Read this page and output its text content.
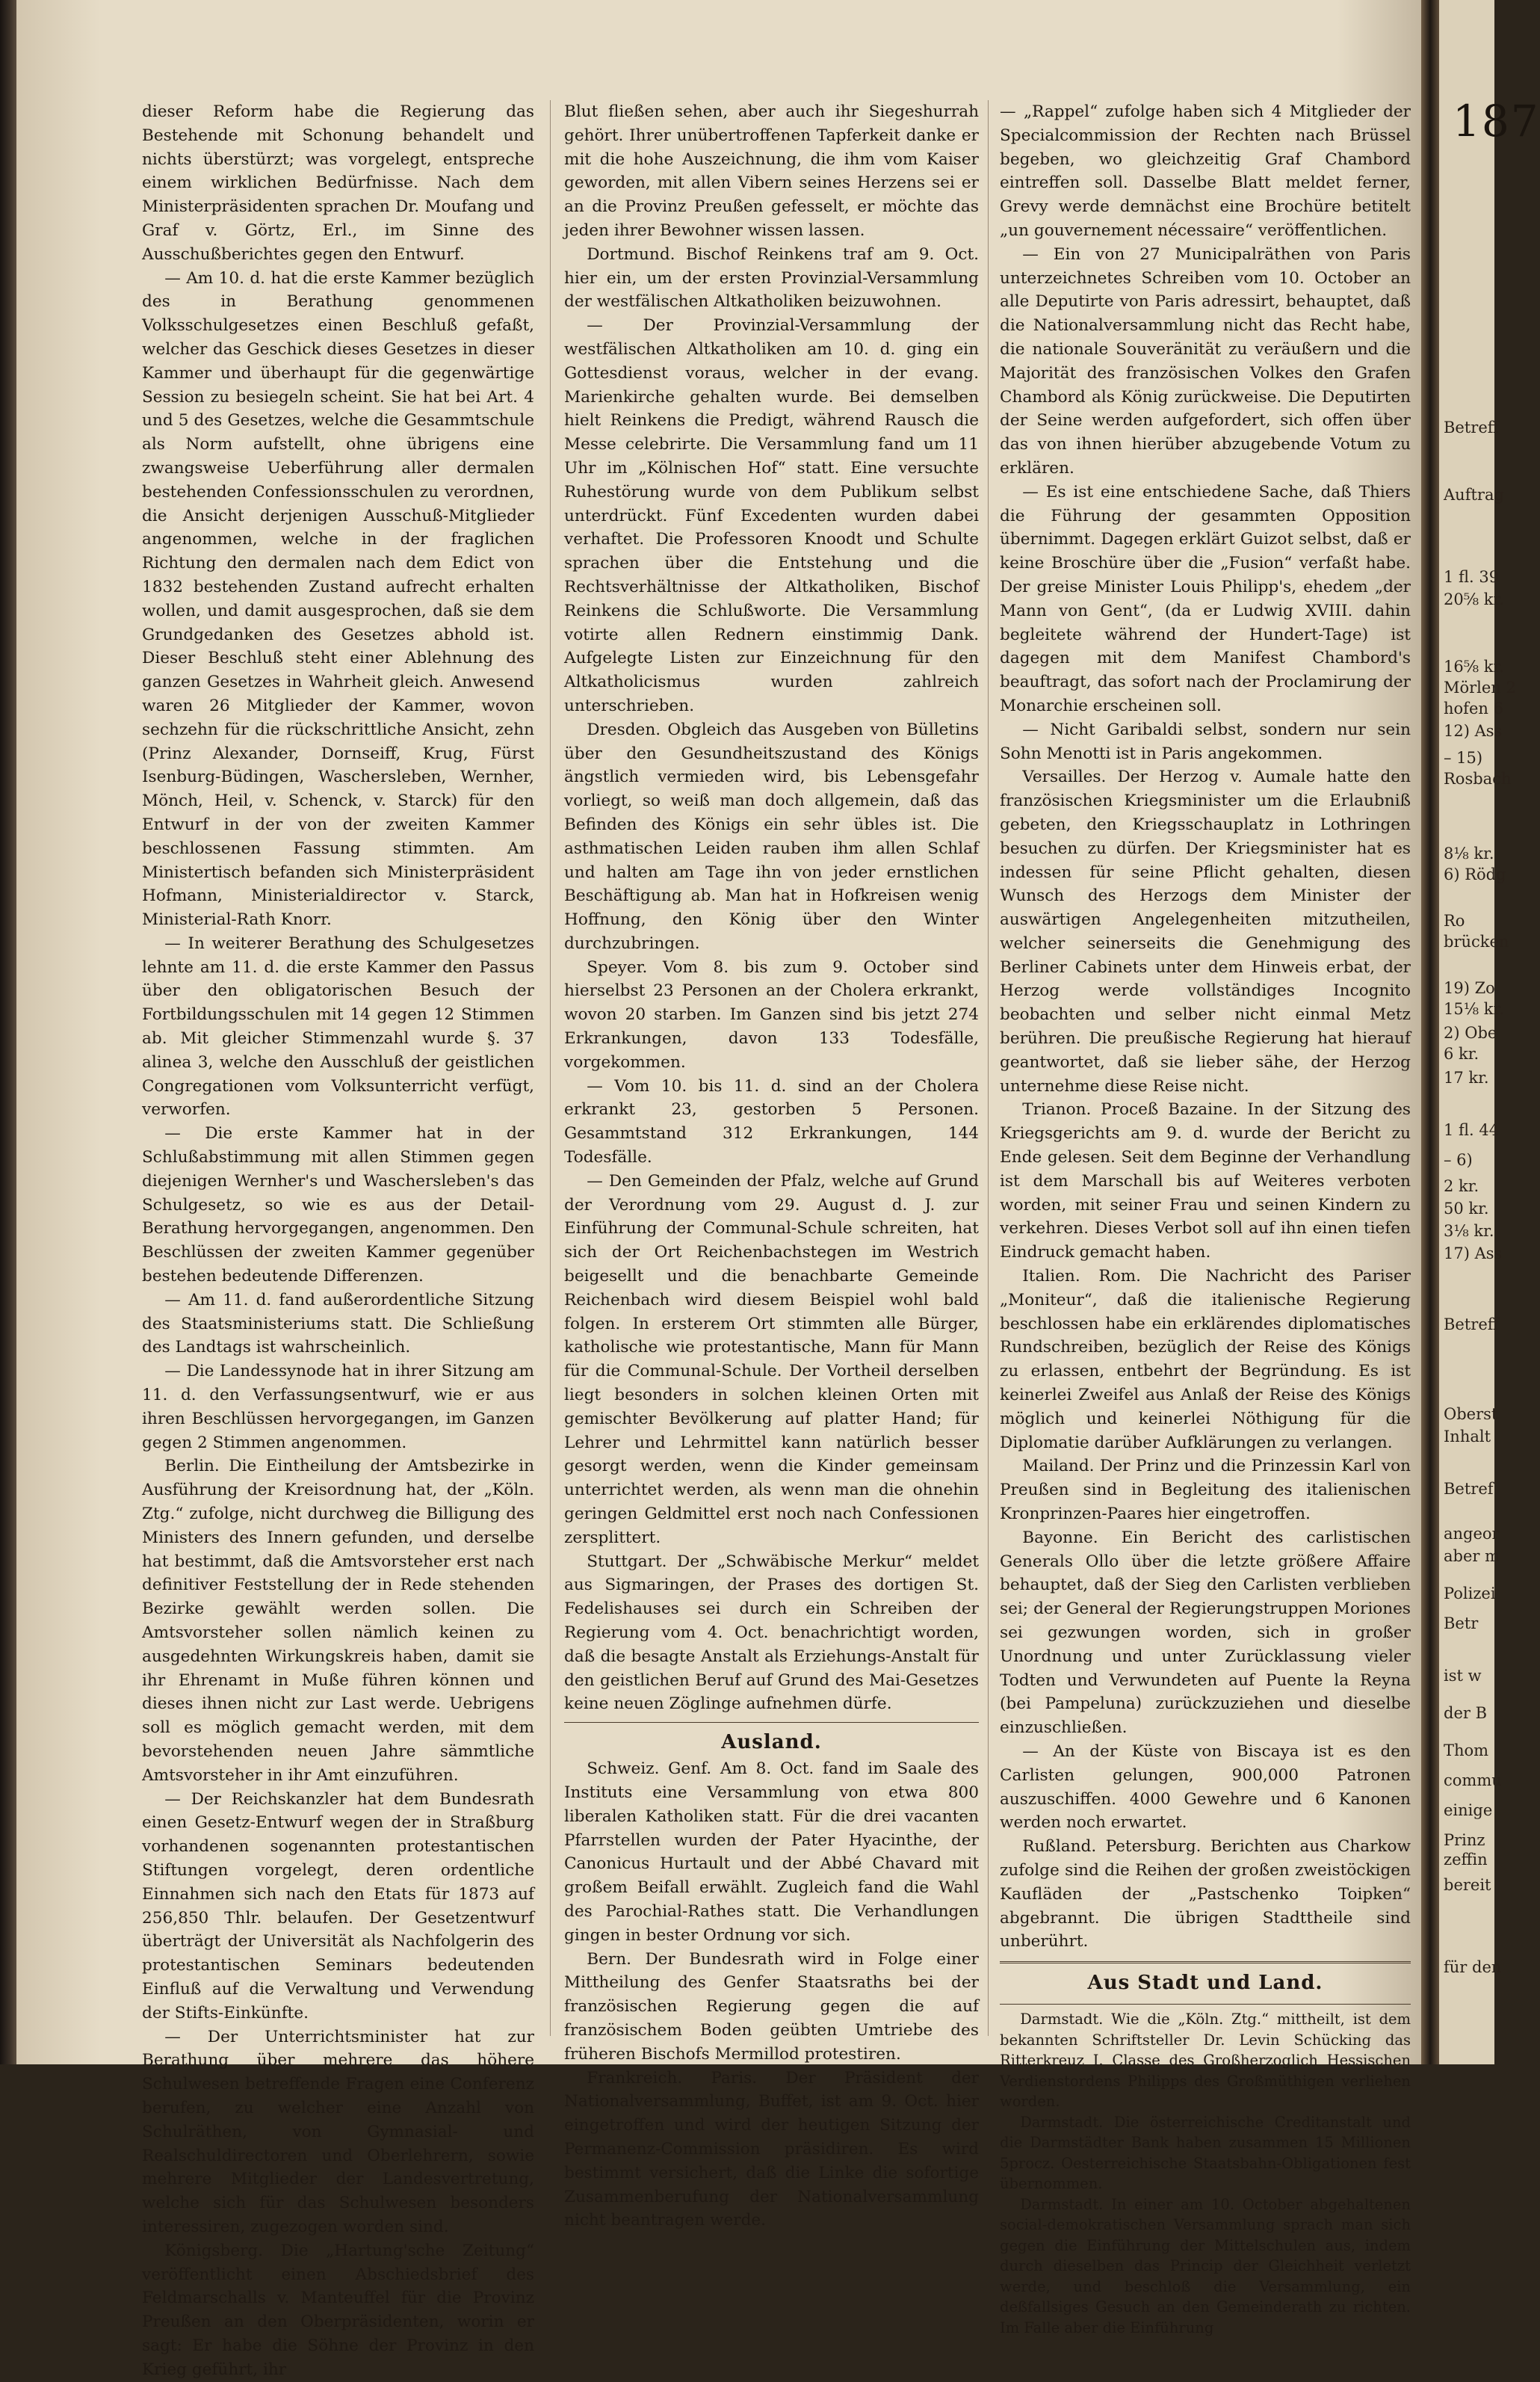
dieser Reform habe die Regierung das Bestehende mit Schonung behandelt und nichts überstürzt; was vorgelegt, entspreche einem wirklichen Bedürfnisse. Nach dem Ministerpräsidenten sprachen Dr. Moufang und Graf v. Görtz, Erl., im Sinne des Ausschußberichtes gegen den Entwurf.

— Am 10. d. hat die erste Kammer bezüglich des in Berathung genommenen Volksschulgesetzes einen Beschluß gefaßt, welcher das Geschick dieses Gesetzes in dieser Kammer und überhaupt für die gegenwärtige Session zu besiegeln scheint. Sie hat bei Art. 4 und 5 des Gesetzes, welche die Gesammtschule als Norm aufstellt, ohne übrigens eine zwangsweise Ueberführung aller dermalen bestehenden Confessionsschulen zu verordnen, die Ansicht derjenigen Ausschuß-Mitglieder angenommen, welche in der fraglichen Richtung den dermalen nach dem Edict von 1832 bestehenden Zustand aufrecht erhalten wollen, und damit ausgesprochen, daß sie dem Grundgedanken des Gesetzes abhold ist. Dieser Beschluß steht einer Ablehnung des ganzen Gesetzes in Wahrheit gleich. Anwesend waren 26 Mitglieder der Kammer, wovon sechzehn für die rückschrittliche Ansicht, zehn (Prinz Alexander, Dornseiff, Krug, Fürst Isenburg-Büdingen, Waschersleben, Wernher, Mönch, Heil, v. Schenck, v. Starck) für den Entwurf in der von der zweiten Kammer beschlossenen Fassung stimmten. Am Ministertisch befanden sich Ministerpräsident Hofmann, Ministerialdirector v. Starck, Ministerial-Rath Knorr.

— In weiterer Berathung des Schulgesetzes lehnte am 11. d. die erste Kammer den Passus über den obligatorischen Besuch der Fortbildungsschulen mit 14 gegen 12 Stimmen ab. Mit gleicher Stimmenzahl wurde §. 37 alinea 3, welche den Ausschluß der geistlichen Congregationen vom Volksunterricht verfügt, verworfen.

— Die erste Kammer hat in der Schlußabstimmung mit allen Stimmen gegen diejenigen Wernher's und Waschersleben's das Schulgesetz, so wie es aus der Detail-Berathung hervorgegangen, angenommen. Den Beschlüssen der zweiten Kammer gegenüber bestehen bedeutende Differenzen.

— Am 11. d. fand außerordentliche Sitzung des Staatsministeriums statt. Die Schließung des Landtags ist wahrscheinlich.

— Die Landessynode hat in ihrer Sitzung am 11. d. den Verfassungsentwurf, wie er aus ihren Beschlüssen hervorgegangen, im Ganzen gegen 2 Stimmen angenommen.

Berlin. Die Eintheilung der Amtsbezirke in Ausführung der Kreisordnung hat, der „Köln. Ztg.“ zufolge, nicht durchweg die Billigung des Ministers des Innern gefunden, und derselbe hat bestimmt, daß die Amtsvorsteher erst nach definitiver Feststellung der in Rede stehenden Bezirke gewählt werden sollen. Die Amtsvorsteher sollen nämlich keinen zu ausgedehnten Wirkungskreis haben, damit sie ihr Ehrenamt in Muße führen können und dieses ihnen nicht zur Last werde. Uebrigens soll es möglich gemacht werden, mit dem bevorstehenden neuen Jahre sämmtliche Amtsvorsteher in ihr Amt einzuführen.

— Der Reichskanzler hat dem Bundesrath einen Gesetz-Entwurf wegen der in Straßburg vorhandenen sogenannten protestantischen Stiftungen vorgelegt, deren ordentliche Einnahmen sich nach den Etats für 1873 auf 256,850 Thlr. belaufen. Der Gesetzentwurf überträgt der Universität als Nachfolgerin des protestantischen Seminars bedeutenden Einfluß auf die Verwaltung und Verwendung der Stifts-Einkünfte.

— Der Unterrichtsminister hat zur Berathung über mehrere das höhere Schulwesen betreffende Fragen eine Conferenz berufen, zu welcher eine Anzahl von Schulräthen, von Gymnasial- und Realschuldirectoren und Oberlehrern, sowie mehrere Mitglieder der Landesvertretung, welche sich für das Schulwesen besonders interessiren, zugezogen worden sind.

Königsberg. Die „Hartung'sche Zeitung“ veröffentlicht einen Abschiedsbrief des Feldmarschalls v. Manteuffel für die Provinz Preußen an den Oberpräsidenten, worin er sagt: Er habe die Söhne der Provinz in den Krieg geführt, ihr

Blut fließen sehen, aber auch ihr Siegeshurrah gehört. Ihrer unübertroffenen Tapferkeit danke er mit die hohe Auszeichnung, die ihm vom Kaiser geworden, mit allen Vibern seines Herzens sei er an die Provinz Preußen gefesselt, er möchte das jeden ihrer Bewohner wissen lassen.

Dortmund. Bischof Reinkens traf am 9. Oct. hier ein, um der ersten Provinzial-Versammlung der westfälischen Altkatholiken beizuwohnen.

— Der Provinzial-Versammlung der westfälischen Altkatholiken am 10. d. ging ein Gottesdienst voraus, welcher in der evang. Marienkirche gehalten wurde. Bei demselben hielt Reinkens die Predigt, während Rausch die Messe celebrirte. Die Versammlung fand um 11 Uhr im „Kölnischen Hof“ statt. Eine versuchte Ruhestörung wurde von dem Publikum selbst unterdrückt. Fünf Excedenten wurden dabei verhaftet. Die Professoren Knoodt und Schulte sprachen über die Entstehung und die Rechtsverhältnisse der Altkatholiken, Bischof Reinkens die Schlußworte. Die Versammlung votirte allen Rednern einstimmig Dank. Aufgelegte Listen zur Einzeichnung für den Altkatholicismus wurden zahlreich unterschrieben.

Dresden. Obgleich das Ausgeben von Bülletins über den Gesundheitszustand des Königs ängstlich vermieden wird, bis Lebensgefahr vorliegt, so weiß man doch allgemein, daß das Befinden des Königs ein sehr übles ist. Die asthmatischen Leiden rauben ihm allen Schlaf und halten am Tage ihn von jeder ernstlichen Beschäftigung ab. Man hat in Hofkreisen wenig Hoffnung, den König über den Winter durchzubringen.

Speyer. Vom 8. bis zum 9. October sind hierselbst 23 Personen an der Cholera erkrankt, wovon 20 starben. Im Ganzen sind bis jetzt 274 Erkrankungen, davon 133 Todesfälle, vorgekommen.

— Vom 10. bis 11. d. sind an der Cholera erkrankt 23, gestorben 5 Personen. Gesammtstand 312 Erkrankungen, 144 Todesfälle.

— Den Gemeinden der Pfalz, welche auf Grund der Verordnung vom 29. August d. J. zur Einführung der Communal-Schule schreiten, hat sich der Ort Reichenbachstegen im Westrich beigesellt und die benachbarte Gemeinde Reichenbach wird diesem Beispiel wohl bald folgen. In ersterem Ort stimmten alle Bürger, katholische wie protestantische, Mann für Mann für die Communal-Schule. Der Vortheil derselben liegt besonders in solchen kleinen Orten mit gemischter Bevölkerung auf platter Hand; für Lehrer und Lehrmittel kann natürlich besser gesorgt werden, wenn die Kinder gemeinsam unterrichtet werden, als wenn man die ohnehin geringen Geldmittel erst noch nach Confessionen zersplittert.

Stuttgart. Der „Schwäbische Merkur“ meldet aus Sigmaringen, der Prases des dortigen St. Fedelishauses sei durch ein Schreiben der Regierung vom 4. Oct. benachrichtigt worden, daß die besagte Anstalt als Erziehungs-Anstalt für den geistlichen Beruf auf Grund des Mai-Gesetzes keine neuen Zöglinge aufnehmen dürfe.

Ausland.

Schweiz. Genf. Am 8. Oct. fand im Saale des Instituts eine Versammlung von etwa 800 liberalen Katholiken statt. Für die drei vacanten Pfarrstellen wurden der Pater Hyacinthe, der Canonicus Hurtault und der Abbé Chavard mit großem Beifall erwählt. Zugleich fand die Wahl des Parochial-Rathes statt. Die Verhandlungen gingen in bester Ordnung vor sich.

Bern. Der Bundesrath wird in Folge einer Mittheilung des Genfer Staatsraths bei der französischen Regierung gegen die auf französischem Boden geübten Umtriebe des früheren Bischofs Mermillod protestiren.

Frankreich. Paris. Der Präsident der Nationalversammlung, Buffet, ist am 9. Oct. hier eingetroffen und wird der heutigen Sitzung der Permanenz-Commission präsidiren. Es wird bestimmt versichert, daß die Linke die sofortige Zusammenberufung der Nationalversammlung nicht beantragen werde.

— „Rappel“ zufolge haben sich 4 Mitglieder der Specialcommission der Rechten nach Brüssel begeben, wo gleichzeitig Graf Chambord eintreffen soll. Dasselbe Blatt meldet ferner, Grevy werde demnächst eine Brochüre betitelt „un gouvernement nécessaire“ veröffentlichen.

— Ein von 27 Municipalräthen von Paris unterzeichnetes Schreiben vom 10. October an alle Deputirte von Paris adressirt, behauptet, daß die Nationalversammlung nicht das Recht habe, die nationale Souveränität zu veräußern und die Majorität des französischen Volkes den Grafen Chambord als König zurückweise. Die Deputirten der Seine werden aufgefordert, sich offen über das von ihnen hierüber abzugebende Votum zu erklären.

— Es ist eine entschiedene Sache, daß Thiers die Führung der gesammten Opposition übernimmt. Dagegen erklärt Guizot selbst, daß er keine Broschüre über die „Fusion“ verfaßt habe. Der greise Minister Louis Philipp's, ehedem „der Mann von Gent“, (da er Ludwig XVIII. dahin begleitete während der Hundert-Tage) ist dagegen mit dem Manifest Chambord's beauftragt, das sofort nach der Proclamirung der Monarchie erscheinen soll.

— Nicht Garibaldi selbst, sondern nur sein Sohn Menotti ist in Paris angekommen.

Versailles. Der Herzog v. Aumale hatte den französischen Kriegsminister um die Erlaubniß gebeten, den Kriegsschauplatz in Lothringen besuchen zu dürfen. Der Kriegsminister hat es indessen für seine Pflicht gehalten, diesen Wunsch des Herzogs dem Minister der auswärtigen Angelegenheiten mitzutheilen, welcher seinerseits die Genehmigung des Berliner Cabinets unter dem Hinweis erbat, der Herzog werde vollständiges Incognito beobachten und selber nicht einmal Metz berühren. Die preußische Regierung hat hierauf geantwortet, daß sie lieber sähe, der Herzog unternehme diese Reise nicht.

Trianon. Proceß Bazaine. In der Sitzung des Kriegsgerichts am 9. d. wurde der Bericht zu Ende gelesen. Seit dem Beginne der Verhandlung ist dem Marschall bis auf Weiteres verboten worden, mit seiner Frau und seinen Kindern zu verkehren. Dieses Verbot soll auf ihn einen tiefen Eindruck gemacht haben.

Italien. Rom. Die Nachricht des Pariser „Moniteur“, daß die italienische Regierung beschlossen habe ein erklärendes diplomatisches Rundschreiben, bezüglich der Reise des Königs zu erlassen, entbehrt der Begründung. Es ist keinerlei Zweifel aus Anlaß der Reise des Königs möglich und keinerlei Nöthigung für die Diplomatie darüber Aufklärungen zu verlangen.

Mailand. Der Prinz und die Prinzessin Karl von Preußen sind in Begleitung des italienischen Kronprinzen-Paares hier eingetroffen.

Bayonne. Ein Bericht des carlistischen Generals Ollo über die letzte größere Affaire behauptet, daß der Sieg den Carlisten verblieben sei; der General der Regierungstruppen Moriones sei gezwungen worden, sich in großer Unordnung und unter Zurücklassung vieler Todten und Verwundeten auf Puente la Reyna (bei Pampeluna) zurückzuziehen und dieselbe einzuschließen.

— An der Küste von Biscaya ist es den Carlisten gelungen, 900,000 Patronen auszuschiffen. 4000 Gewehre und 6 Kanonen werden noch erwartet.

Rußland. Petersburg. Berichten aus Charkow zufolge sind die Reihen der großen zweistöckigen Kaufläden der „Pastschenko Toipken“ abgebrannt. Die übrigen Stadttheile sind unberührt.

Aus Stadt und Land.

Darmstadt. Wie die „Köln. Ztg.“ mittheilt, ist dem bekannten Schriftsteller Dr. Levin Schücking das Ritterkreuz I. Classe des Großherzoglich Hessischen Verdienstordens Philipps des Großmüthigen verliehen worden.

Darmstadt. Die österreichische Creditanstalt und die Darmstädter Bank haben zusammen 15 Millionen 5procz. Oesterreichische Staatsbahn-Obligationen fest übernommen.

Darmstadt. In einer am 10. October abgehaltenen social-demokratischen Versammlung sprach man sich gegen die Einführung der Mittelschulen aus, indem durch dieselben das Princip der Gleichheit verletzt werde, und beschloß die Versammlung, ein deßfallsiges Gesuch an den Gemeinderath zu richten. Im Falle aber die Einführung

187
Betreff
Auftrag
1 fl. 39
20⅝ kr.
16⅝ kr.
Mörlen 2
hofen 6
12) Ass
– 15)
Rosbach
8⅛ kr.
6) Rödg
Ro
brücken
19) Zo
15⅛ kr.
2) Obe
6 kr.
17 kr.
1 fl. 44
– 6)
2 kr.
50 kr.
3⅛ kr.
17) Ass
Betreff
Oberst
Inhalt
Betref
angeor
aber m
Polizei
Betr
ist w
der B
Thom
commu
einige
Prinz
zeffin
bereit
für den
